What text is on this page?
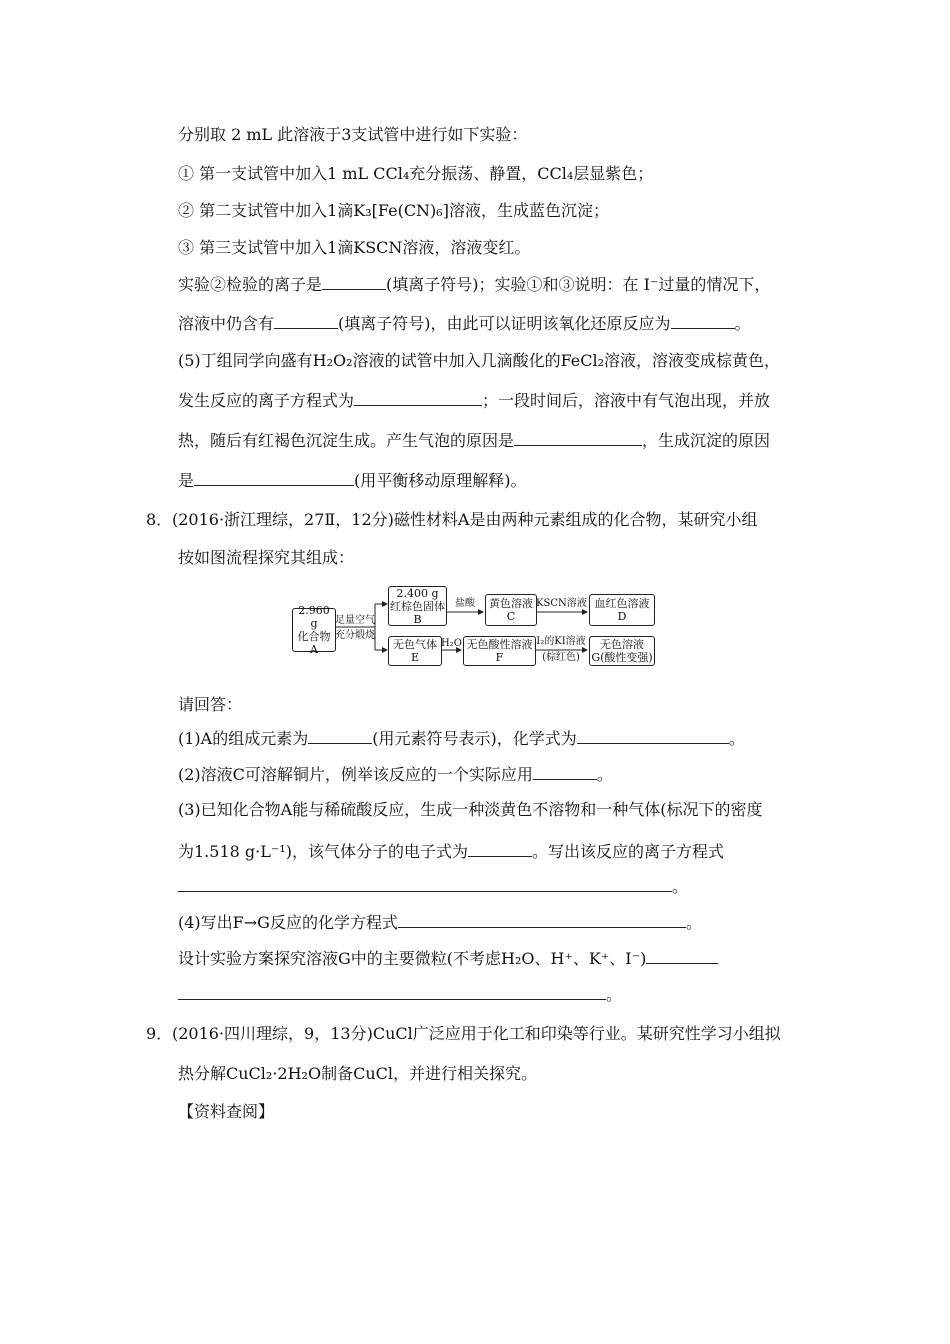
分别取 2 mL 此溶液于3支试管中进行如下实验：
① 第一支试管中加入1 mL CCl₄充分振荡、静置，CCl₄层显紫色；
② 第二支试管中加入1滴K₃[Fe(CN)₆]溶液，生成蓝色沉淀；
③ 第三支试管中加入1滴KSCN溶液，溶液变红。
实验②检验的离子是	(填离子符号)；实验①和③说明：在 I⁻过量的情况下，
溶液中仍含有	(填离子符号)，由此可以证明该氧化还原反应为	。
(5)丁组同学向盛有H₂O₂溶液的试管中加入几滴酸化的FeCl₂溶液，溶液变成棕黄色，
发生反应的离子方程式为	；一段时间后，溶液中有气泡出现，并放
热，随后有红褐色沉淀生成。产生气泡的原因是	，生成沉淀的原因
是	(用平衡移动原理解释)。
8． (2016·浙江理综，27Ⅱ，12分)磁性材料A是由两种元素组成的化合物，某研究小组
按如图流程探究其组成：
2.960 g
化合物
A
足量空气
充分煅烧
2.400 g
红棕色固体
B
盐酸	黄色溶液
C
KSCN溶液 血红色溶液
D
无色气体
E
H₂O 无色酸性溶液
F
I₂的KI溶液
(棕红色)
无色溶液
G(酸性变强)
请回答：
(1)A的组成元素为	(用元素符号表示)，化学式为	。
(2)溶液C可溶解铜片，例举该反应的一个实际应用	。
(3)已知化合物A能与稀硫酸反应，生成一种淡黄色不溶物和一种气体(标况下的密度
为1.518 g·L⁻¹)，该气体分子的电子式为	。写出该反应的离子方程式
。
(4)写出F→G反应的化学方程式	。
设计实验方案探究溶液G中的主要微粒(不考虑H₂O、H⁺、K⁺、I⁻)
。
9． (2016·四川理综，9，13分)CuCl广泛应用于化工和印染等行业。某研究性学习小组拟
热分解CuCl₂·2H₂O制备CuCl，并进行相关探究。
【资料查阅】
